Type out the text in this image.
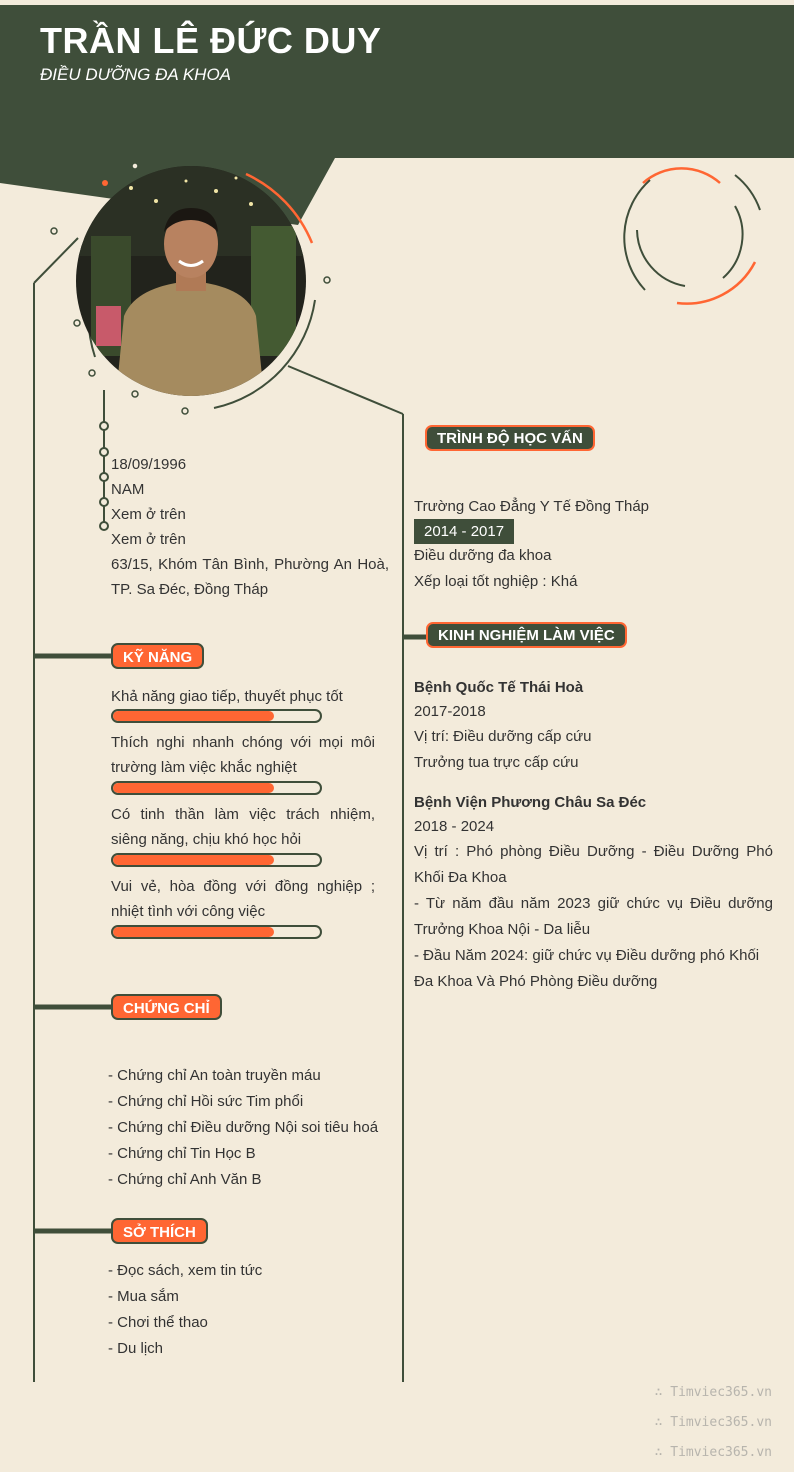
TRẦN LÊ ĐỨC DUY
ĐIỀU DƯỠNG ĐA KHOA
18/09/1996
NAM
Xem ở trên
Xem ở trên
63/15, Khóm Tân Bình, Phường An Hoà, TP. Sa Đéc, Đồng Tháp
KỸ NĂNG
Khả năng giao tiếp, thuyết phục tốt
Thích nghi nhanh chóng với mọi môi trường làm việc khắc nghiệt
Có tinh thần làm việc trách nhiệm, siêng năng, chịu khó học hỏi
Vui vẻ, hòa đồng với đồng nghiệp ; nhiệt tình với công việc
CHỨNG CHỈ
- Chứng chỉ An toàn truyền máu
- Chứng chỉ Hồi sức Tim phổi
- Chứng chỉ Điều dưỡng Nội soi tiêu hoá
- Chứng chỉ Tin Học B
- Chứng chỉ Anh Văn B
SỞ THÍCH
- Đọc sách, xem tin tức
- Mua sắm
- Chơi thể thao
- Du lịch
TRÌNH ĐỘ HỌC VẤN
Trường Cao Đẳng Y Tế Đồng Tháp
2014 - 2017
Điều dưỡng đa khoa
Xếp loại tốt nghiệp : Khá
KINH NGHIỆM LÀM VIỆC
Bệnh Quốc Tế Thái Hoà
2017-2018
Vị trí: Điều dưỡng cấp cứu
Trưởng tua trực cấp cứu
Bệnh Viện Phương Châu Sa Đéc
2018 - 2024
Vị trí : Phó phòng Điều Dưỡng - Điều Dưỡng Phó Khối Đa Khoa
- Từ năm đầu năm 2023 giữ chức vụ Điều dưỡng Trưởng Khoa Nội - Da liễu
- Đầu Năm 2024: giữ chức vụ Điều dưỡng phó Khối Đa Khoa Và Phó Phòng Điều dưỡng
∴ Timviec365.vn
∴ Timviec365.vn
∴ Timviec365.vn
